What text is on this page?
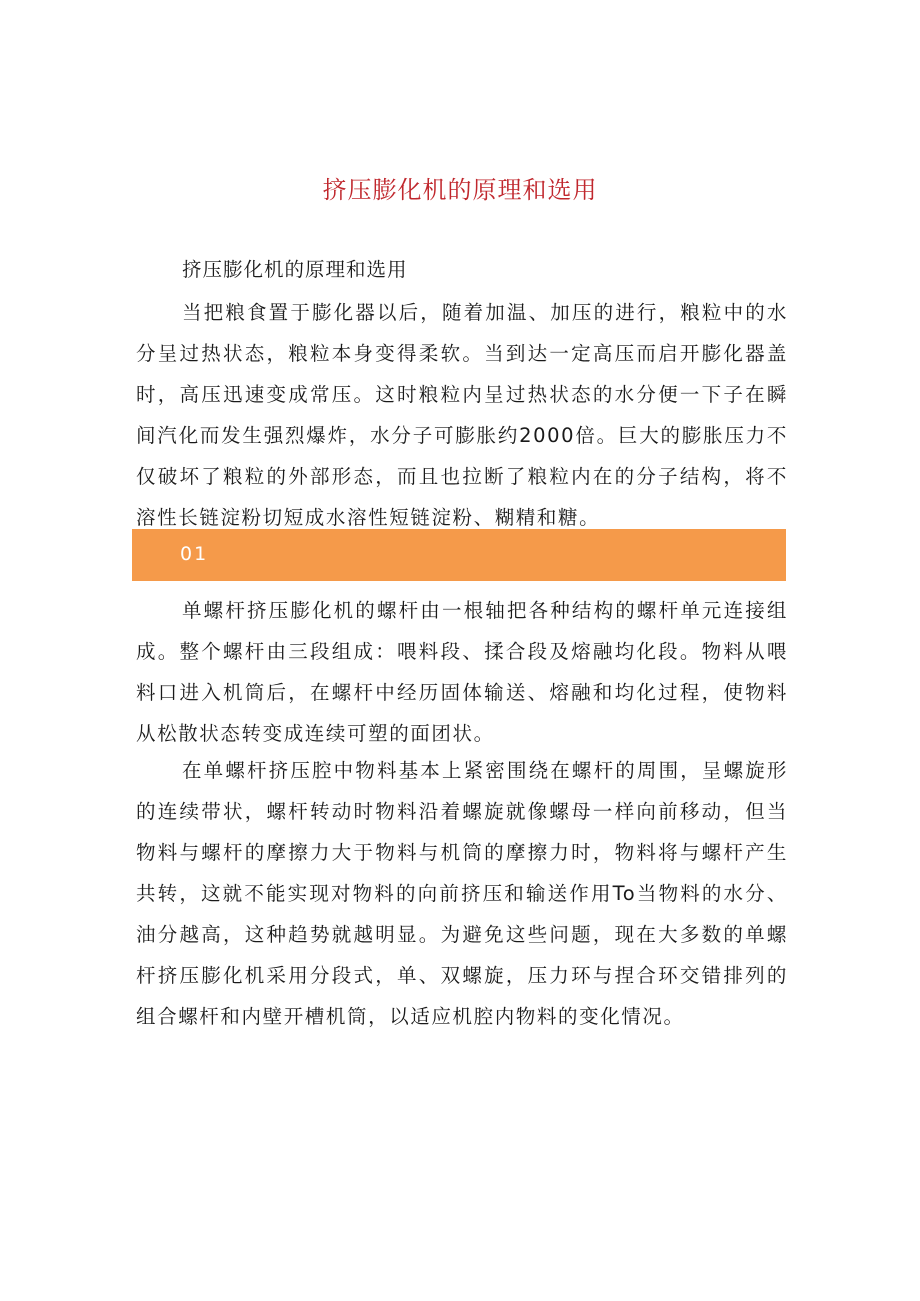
挤压膨化机的原理和选用

挤压膨化机的原理和选用

当把粮食置于膨化器以后，随着加温、加压的进行，粮粒中的水分呈过热状态，粮粒本身变得柔软。当到达一定高压而启开膨化器盖时，高压迅速变成常压。这时粮粒内呈过热状态的水分便一下子在瞬间汽化而发生强烈爆炸，水分子可膨胀约2000倍。巨大的膨胀压力不仅破坏了粮粒的外部形态，而且也拉断了粮粒内在的分子结构，将不溶性长链淀粉切短成水溶性短链淀粉、糊精和糖。

01

单螺杆挤压膨化机的螺杆由一根轴把各种结构的螺杆单元连接组成。整个螺杆由三段组成：喂料段、揉合段及熔融均化段。物料从喂料口进入机筒后，在螺杆中经历固体输送、熔融和均化过程，使物料从松散状态转变成连续可塑的面团状。

在单螺杆挤压腔中物料基本上紧密围绕在螺杆的周围，呈螺旋形的连续带状，螺杆转动时物料沿着螺旋就像螺母一样向前移动，但当物料与螺杆的摩擦力大于物料与机筒的摩擦力时，物料将与螺杆产生共转，这就不能实现对物料的向前挤压和输送作用To当物料的水分、油分越高，这种趋势就越明显。为避免这些问题，现在大多数的单螺杆挤压膨化机采用分段式，单、双螺旋，压力环与捏合环交错排列的组合螺杆和内壁开槽机筒，以适应机腔内物料的变化情况。
